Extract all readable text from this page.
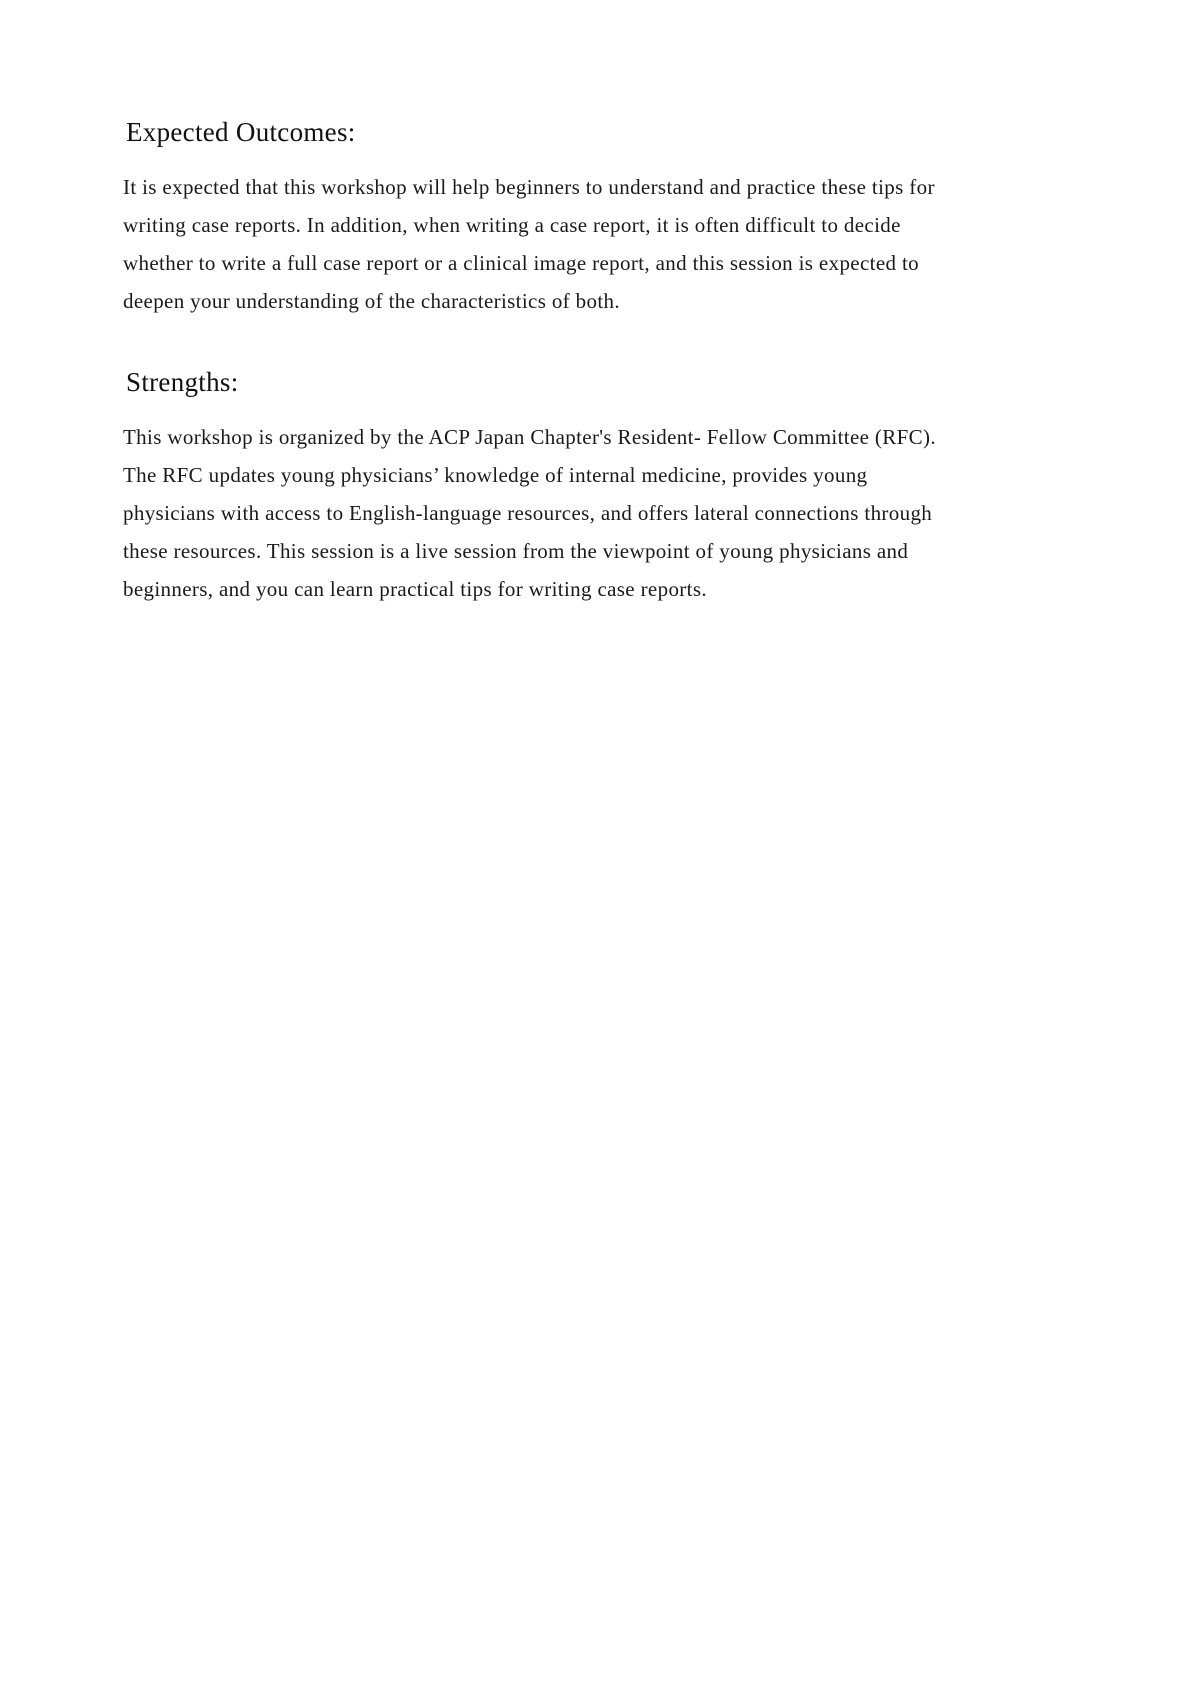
Expected Outcomes:

It is expected that this workshop will help beginners to understand and practice these tips for
writing case reports. In addition, when writing a case report, it is often difficult to decide
whether to write a full case report or a clinical image report, and this session is expected to
deepen your understanding of the characteristics of both.

Strengths:

This workshop is organized by the ACP Japan Chapter's Resident- Fellow Committee (RFC).
The RFC updates young physicians’ knowledge of internal medicine, provides young
physicians with access to English-language resources, and offers lateral connections through
these resources. This session is a live session from the viewpoint of young physicians and
beginners, and you can learn practical tips for writing case reports.
